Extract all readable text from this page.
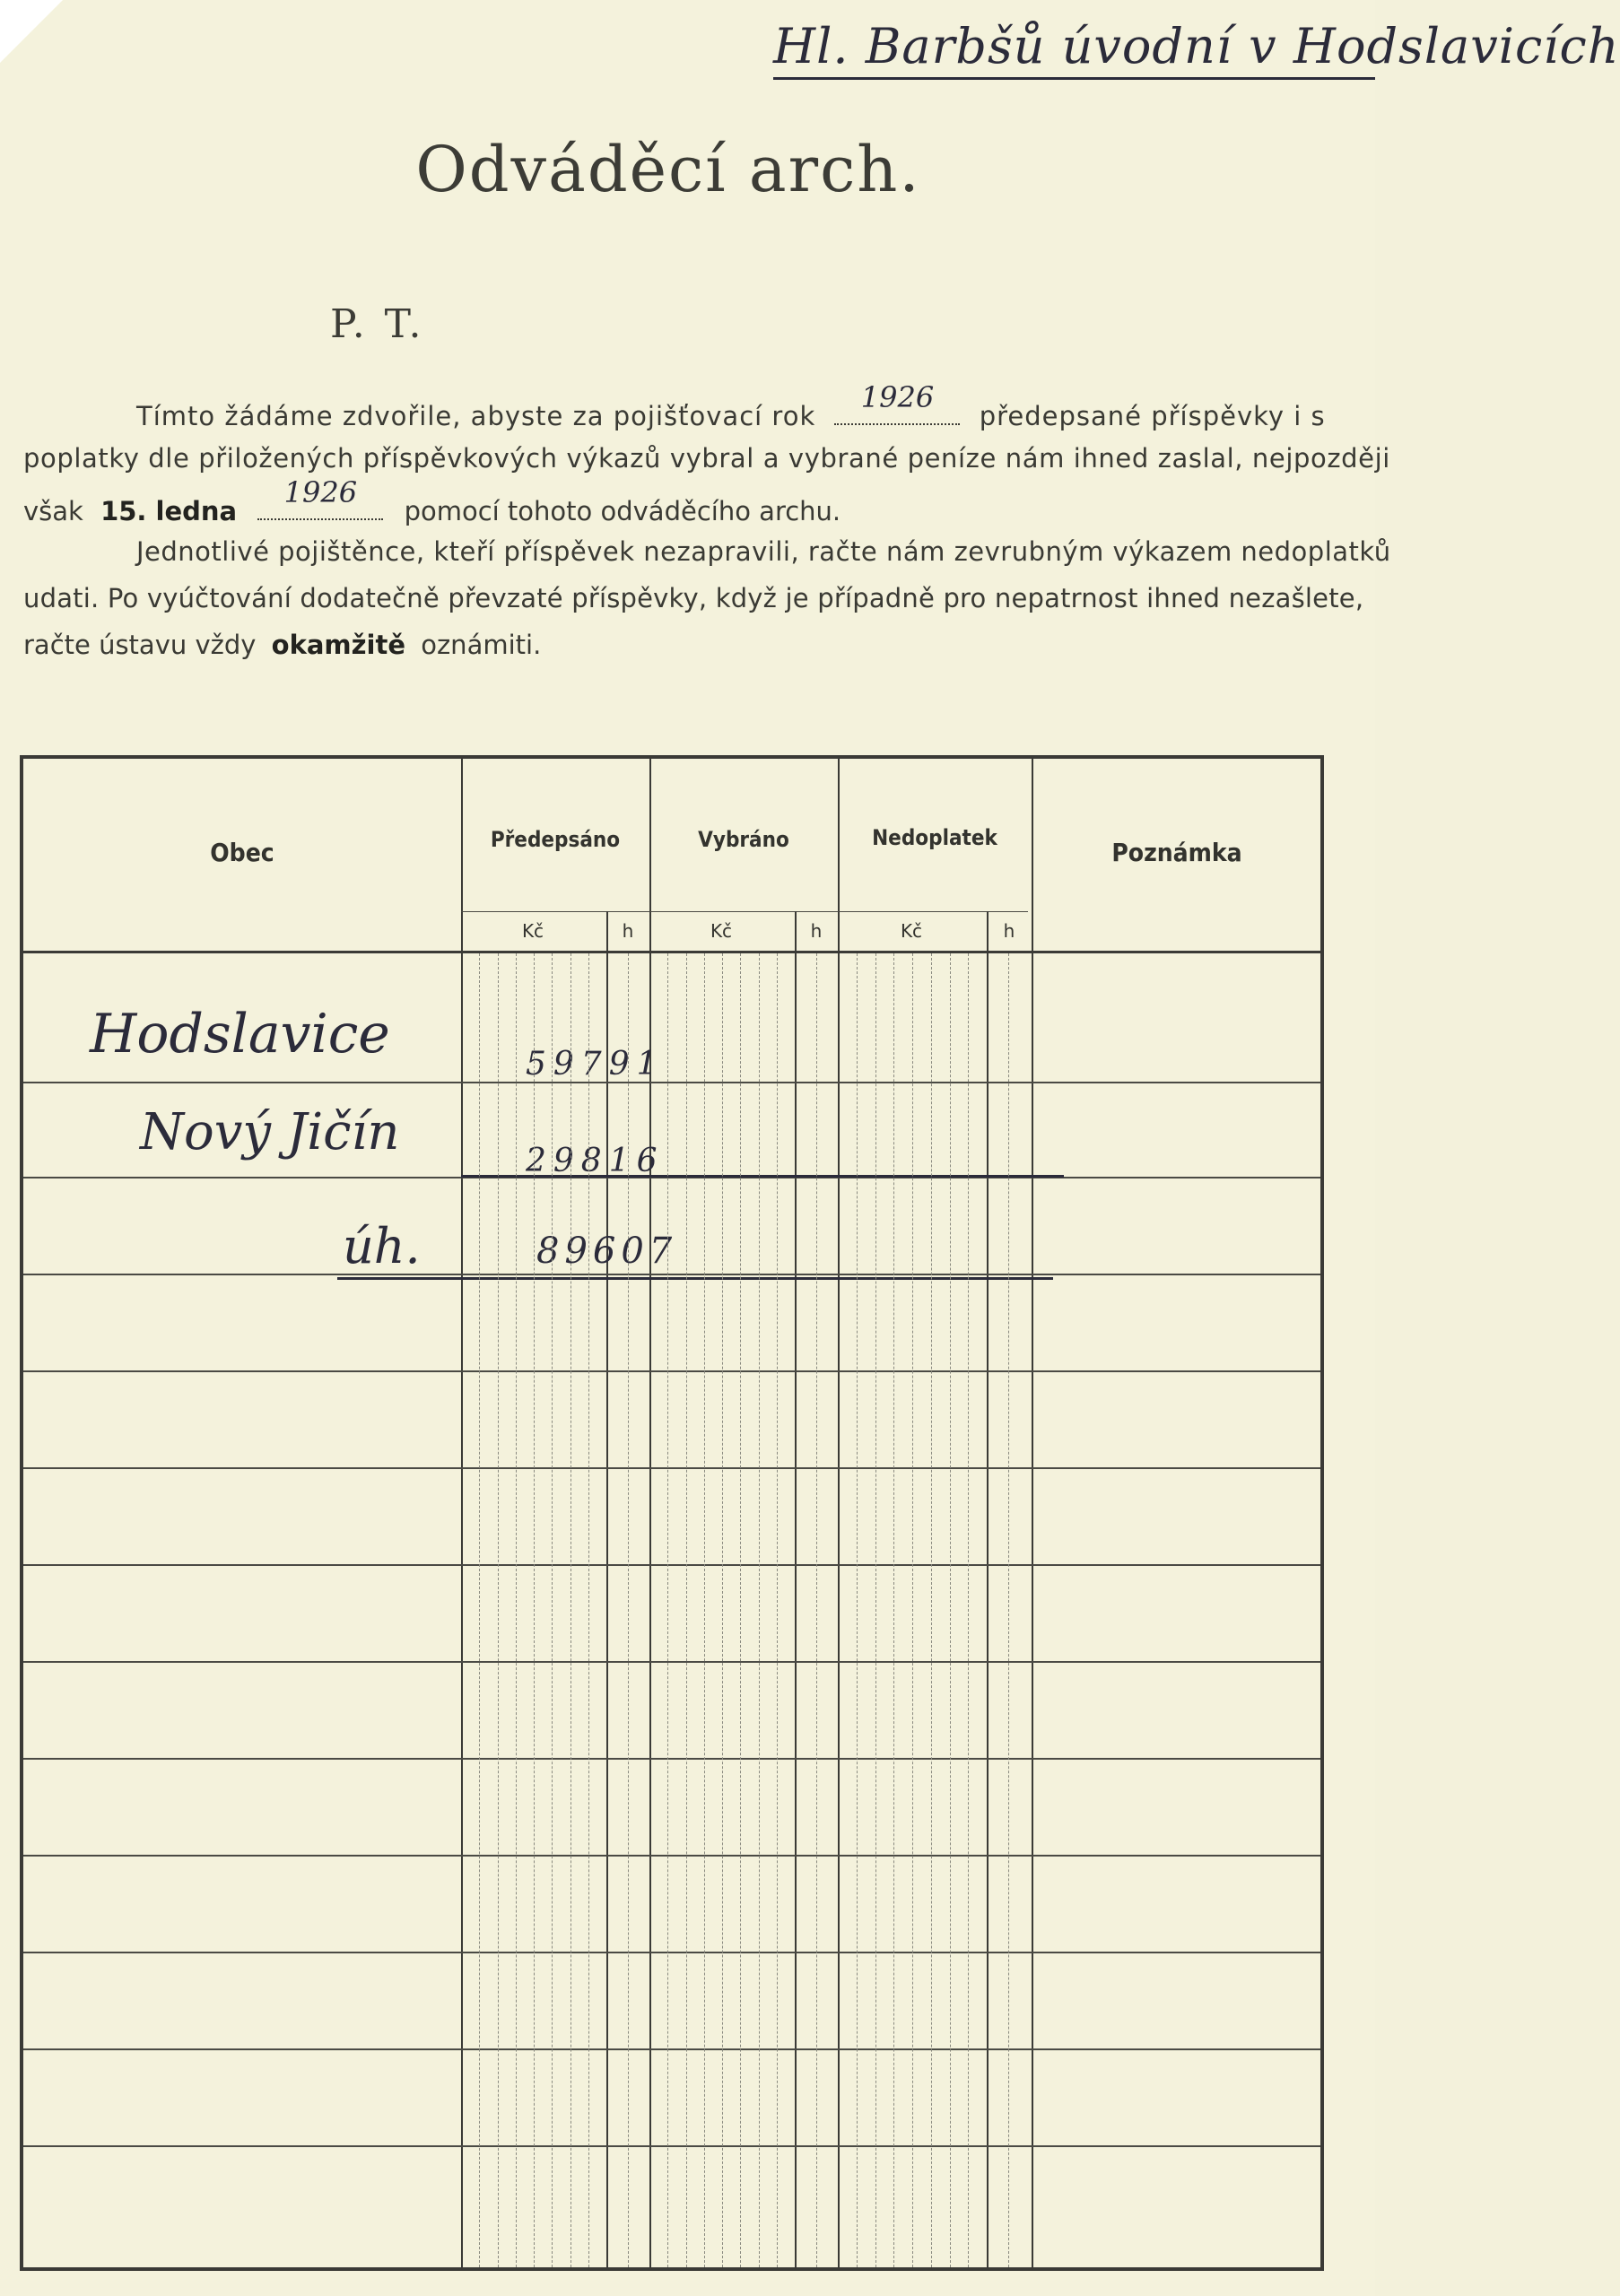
Hl. Barbšů úvodní v Hodslavicích
Odváděcí arch.
P. T.
Tímto žádáme zdvořile, abyste za pojišťovací rok
1926
předepsané příspěvky i s
poplatky dle přiložených příspěvkových výkazů vybral a vybrané peníze nám ihned zaslal, nejpozději
však 15. ledna
1926
pomocí tohoto odváděcího archu.
Jednotlivé pojištěnce, kteří příspěvek nezapravili, račte nám zevrubným výkazem nedoplatků
udati. Po vyúčtování dodatečně převzaté příspěvky, když je případně pro nepatrnost ihned nezašlete,
račte ústavu vždy okamžitě oznámiti.
Obec	Předepsáno	Vybráno	Nedoplatek	Poznámka
Kč	h	Kč	h	Kč	h
Hodslavice	59791
Nový Jičín	29816
úh.	89607
